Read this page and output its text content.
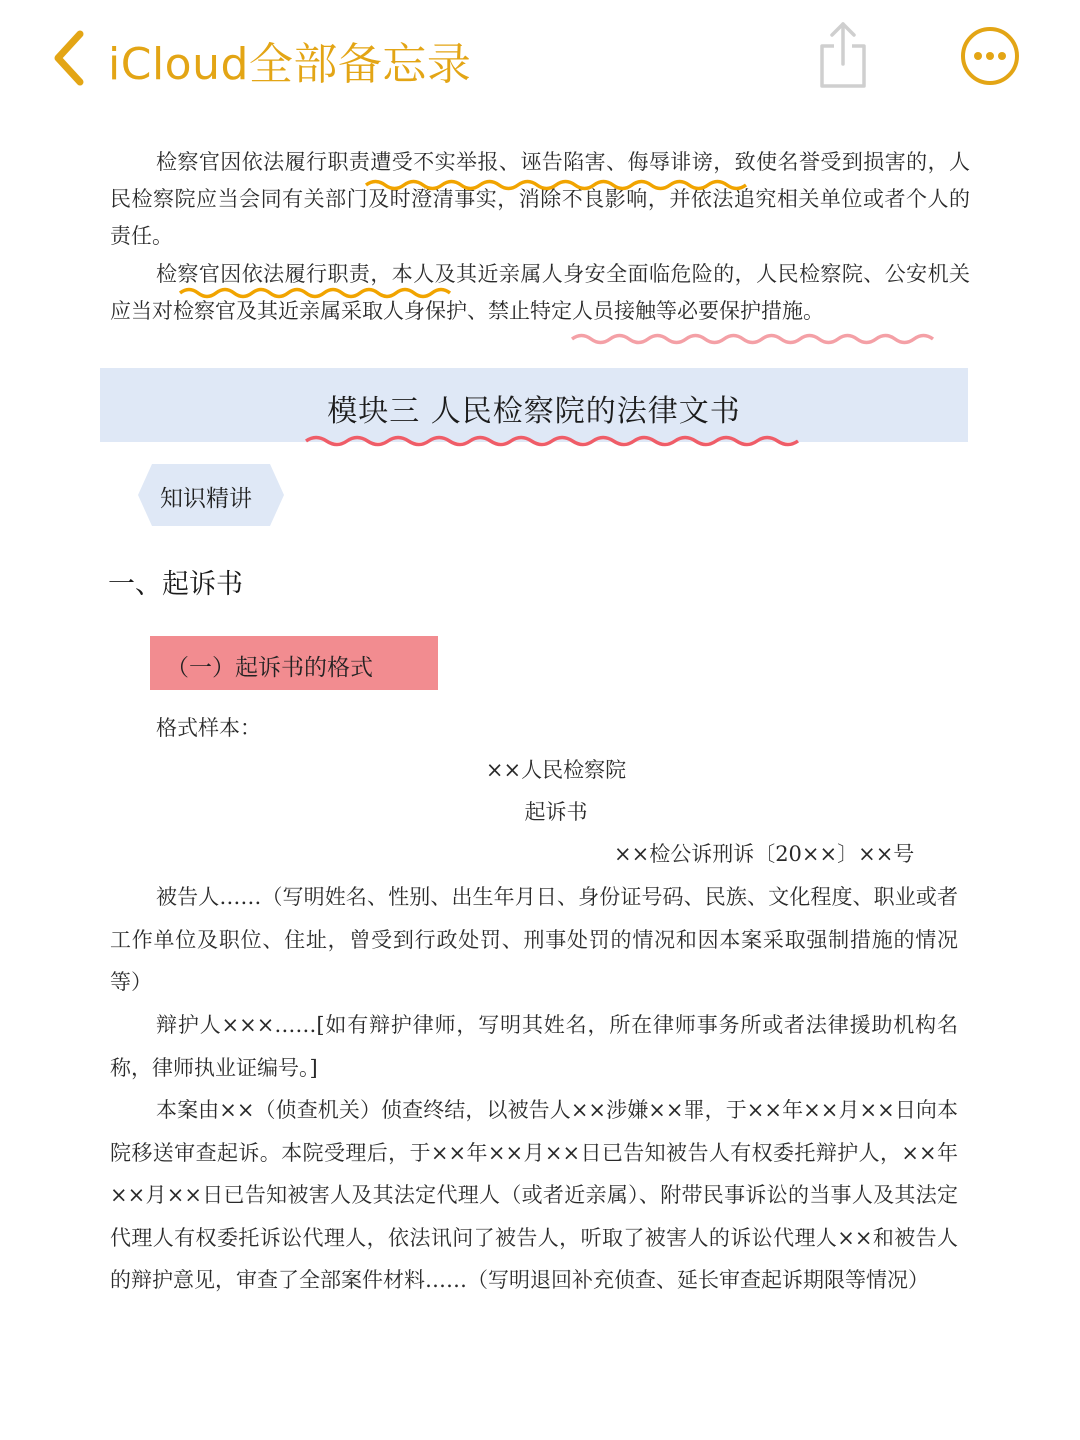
iCloud全部备忘录

检察官因依法履行职责遭受不实举报、诬告陷害、侮辱诽谤，致使名誉受到损害的，人民检察院应当会同有关部门及时澄清事实，消除不良影响，并依法追究相关单位或者个人的责任。

检察官因依法履行职责，本人及其近亲属人身安全面临危险的，人民检察院、公安机关应当对检察官及其近亲属采取人身保护、禁止特定人员接触等必要保护措施。

模块三 人民检察院的法律文书
知识精讲
一、起诉书
（一）起诉书的格式
格式样本：
××人民检察院
起诉书
××检公诉刑诉〔20××〕××号

被告人……（写明姓名、性别、出生年月日、身份证号码、民族、文化程度、职业或者工作单位及职位、住址，曾受到行政处罚、刑事处罚的情况和因本案采取强制措施的情况等）

辩护人×××……[如有辩护律师，写明其姓名，所在律师事务所或者法律援助机构名称，律师执业证编号。]

本案由××（侦查机关）侦查终结，以被告人××涉嫌××罪，于××年××月××日向本院移送审查起诉。本院受理后，于××年××月××日已告知被告人有权委托辩护人，××年××月××日已告知被害人及其法定代理人（或者近亲属）、附带民事诉讼的当事人及其法定代理人有权委托诉讼代理人，依法讯问了被告人，听取了被害人的诉讼代理人××和被告人的辩护意见，审查了全部案件材料……（写明退回补充侦查、延长审查起诉期限等情况）
